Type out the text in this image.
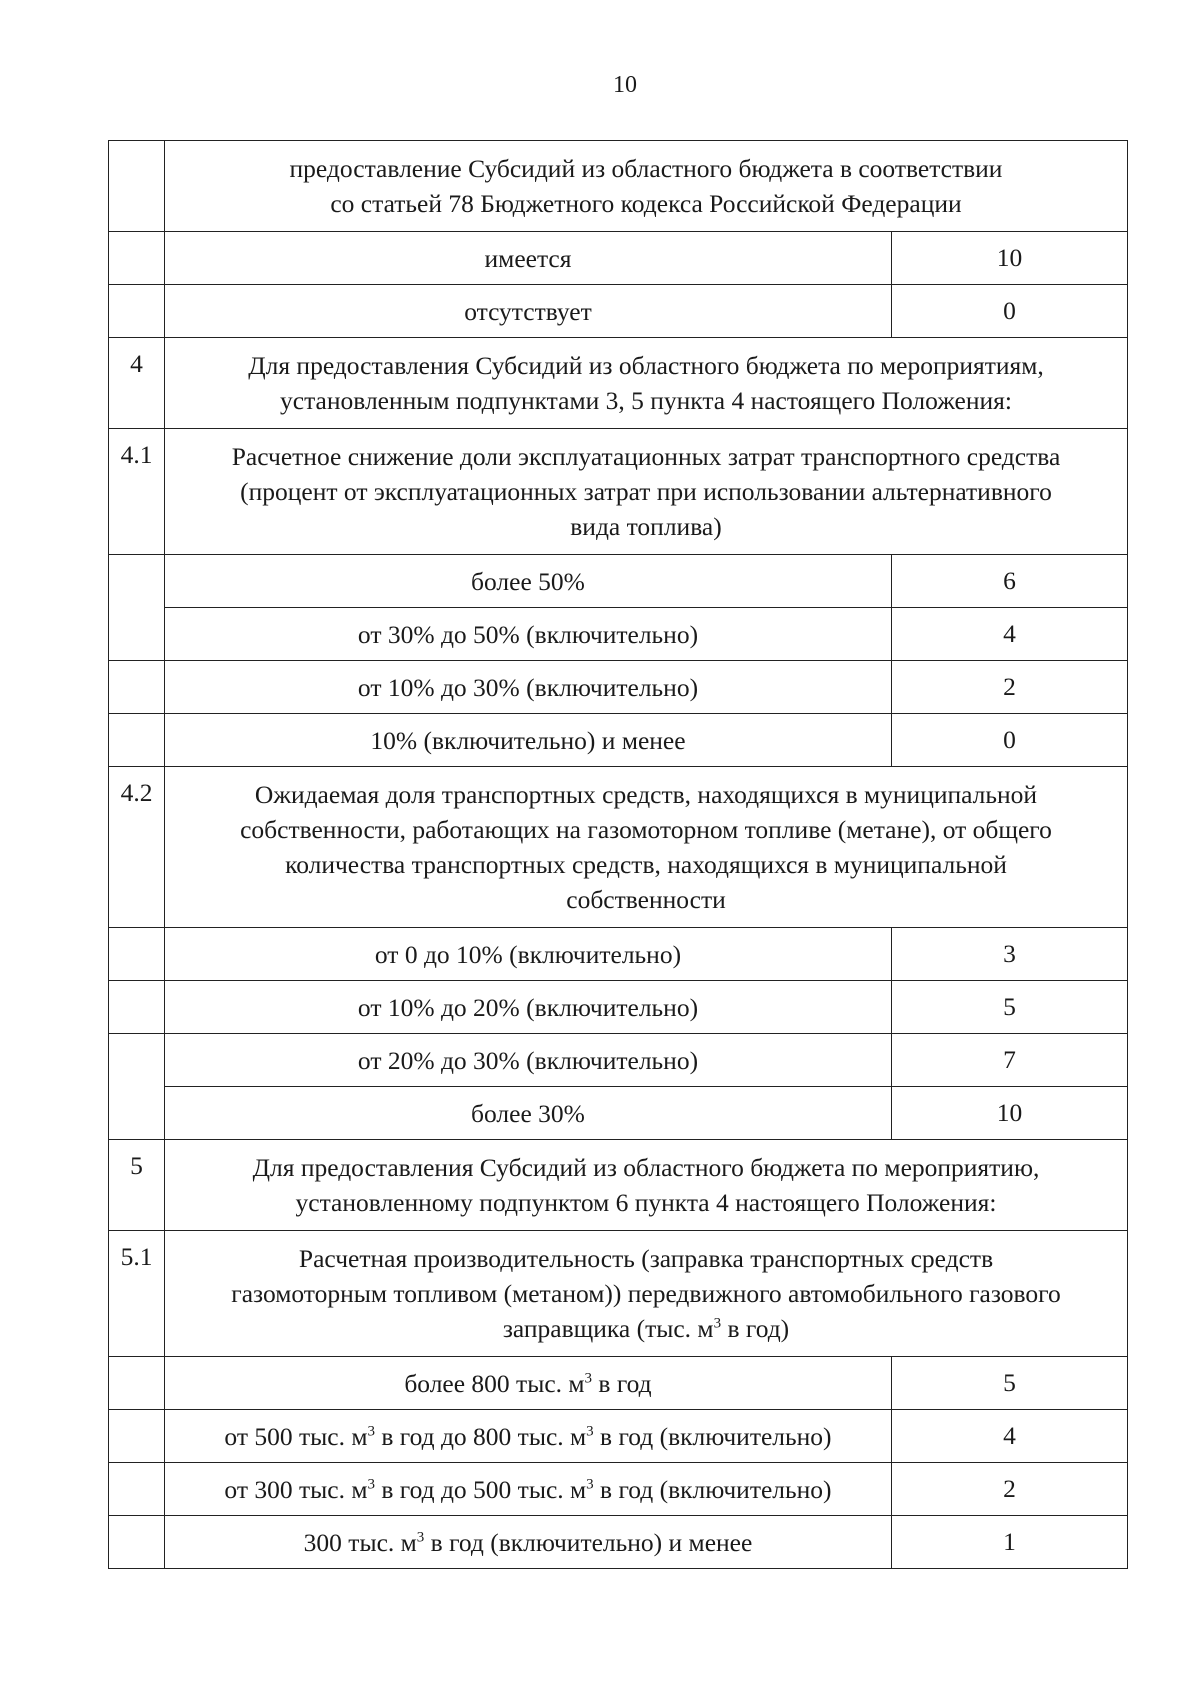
10

	предоставление Субсидий из областного бюджета в соответствии
со статьей 78 Бюджетного кодекса Российской Федерации	

	имеется	10
	отсутствует	0
4	Для предоставления Субсидий из областного бюджета по мероприятиям,
установленным подпунктами 3, 5 пункта 4 настоящего Положения:	

4.1	Расчетное снижение доли эксплуатационных затрат транспортного средства
(процент от эксплуатационных затрат при использовании альтернативного
вида топлива)	

	более 50%	6
	от 30% до 50% (включительно)	4
	от 10% до 30% (включительно)	2
	10% (включительно) и менее	0
4.2	Ожидаемая доля транспортных средств, находящихся в муниципальной
собственности, работающих на газомоторном топливе (метане), от общего
количества транспортных средств, находящихся в муниципальной
собственности	

	от 0 до 10% (включительно)	3
	от 10% до 20% (включительно)	5
	от 20% до 30% (включительно)	7
	более 30%	10
5	Для предоставления Субсидий из областного бюджета по мероприятию,
установленному подпунктом 6 пункта 4 настоящего Положения:	

5.1	Расчетная производительность (заправка транспортных средств
газомоторным топливом (метаном)) передвижного автомобильного газового
заправщика (тыс. $м^3$ в год)	

	более 800 тыс. $м^3$ в год	5
	от 500 тыс. $м^3$ в год до 800 тыс. $м^3$ в год (включительно)	4
	от 300 тыс. $м^3$ в год до 500 тыс. $м^3$ в год (включительно)	2
	300 тыс. $м^3$ в год (включительно) и менее	1
